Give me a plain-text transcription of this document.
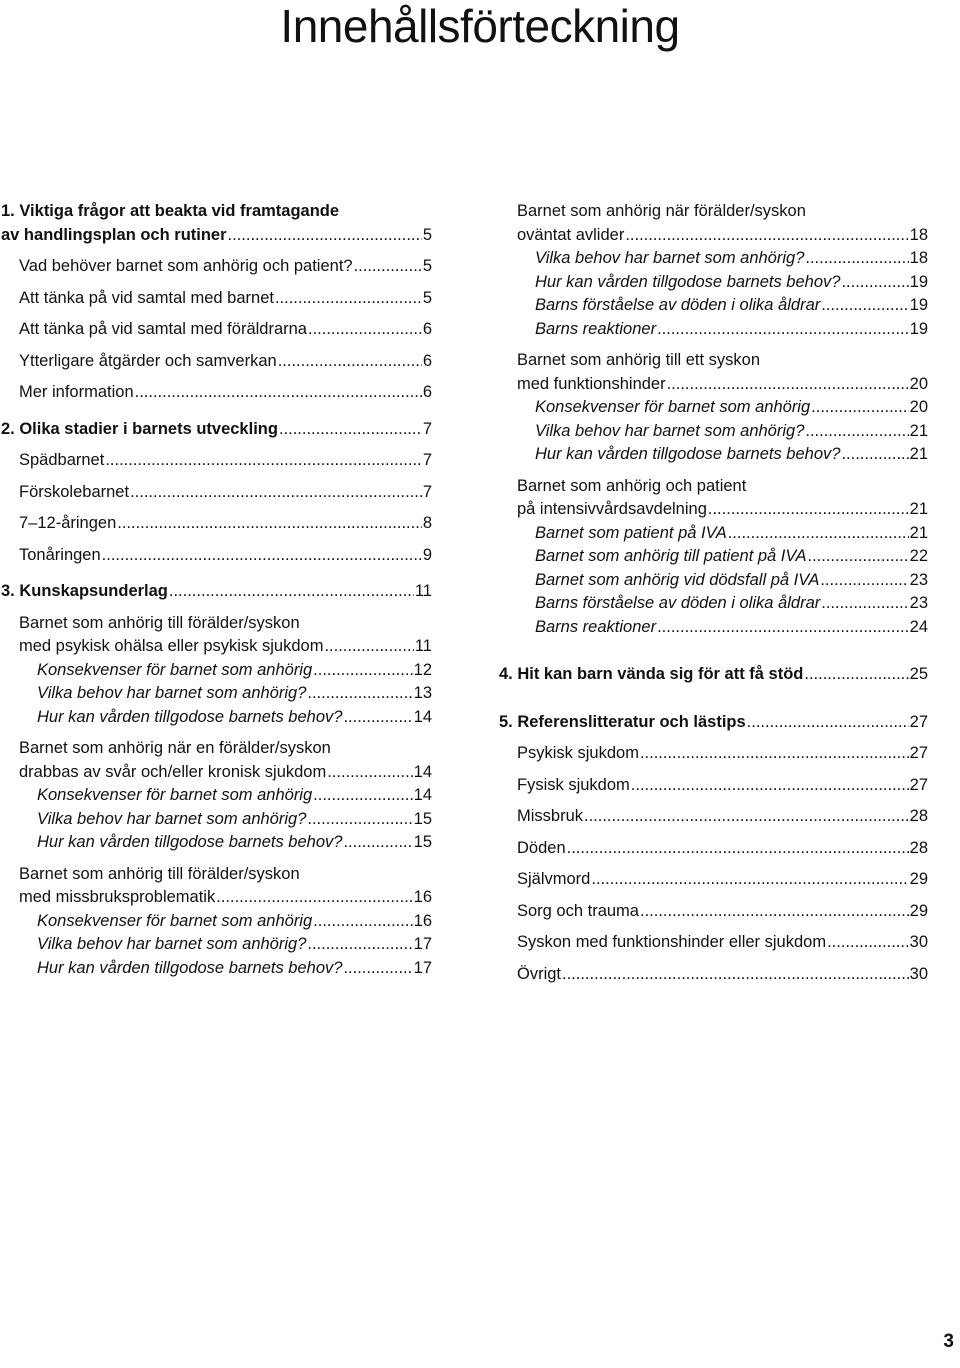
Innehållsförteckning
1. Viktiga frågor att beakta vid framtagande
av handlingsplan och rutiner .....	5
Vad behöver barnet som anhörig och patient? .....	5
Att tänka på vid samtal med barnet .....	5
Att tänka på vid samtal med föräldrarna .....	6
Ytterligare åtgärder och samverkan .....	6
Mer information .....	6
2. Olika stadier i barnets utveckling .....	7
Spädbarnet .....	7
Förskolebarnet .....	7
7–12-åringen .....	8
Tonåringen .....	9
3. Kunskapsunderlag .....	11
Barnet som anhörig till förälder/syskon
med psykisk ohälsa eller psykisk sjukdom .....	11
Konsekvenser för barnet som anhörig .....	12
Vilka behov har barnet som anhörig? .....	13
Hur kan vården tillgodose barnets behov? .....	14
Barnet som anhörig när en förälder/syskon
drabbas av svår och/eller kronisk sjukdom .....	14
Konsekvenser för barnet som anhörig .....	14
Vilka behov har barnet som anhörig? .....	15
Hur kan vården tillgodose barnets behov? .....	15
Barnet som anhörig till förälder/syskon
med missbruksproblematik .....	16
Konsekvenser för barnet som anhörig .....	16
Vilka behov har barnet som anhörig? .....	17
Hur kan vården tillgodose barnets behov? .....	17
Barnet som anhörig när förälder/syskon
oväntat avlider .....	18
Vilka behov har barnet som anhörig? .....	18
Hur kan vården tillgodose barnets behov? .....	19
Barns förståelse av döden i olika åldrar .....	19
Barns reaktioner .....	19
Barnet som anhörig till ett syskon
med funktionshinder .....	20
Konsekvenser för barnet som anhörig .....	20
Vilka behov har barnet som anhörig? .....	21
Hur kan vården tillgodose barnets behov? .....	21
Barnet som anhörig och patient
på intensivvårdsavdelning .....	21
Barnet som patient på IVA .....	21
Barnet som anhörig till patient på IVA .....	22
Barnet som anhörig vid dödsfall på IVA .....	23
Barns förståelse av döden i olika åldrar .....	23
Barns reaktioner .....	24
4. Hit kan barn vända sig för att få stöd .....	25
5. Referenslitteratur och lästips .....	27
Psykisk sjukdom .....	27
Fysisk sjukdom .....	27
Missbruk .....	28
Döden .....	28
Självmord .....	29
Sorg och trauma .....	29
Syskon med funktionshinder eller sjukdom .....	30
Övrigt .....	30
3
